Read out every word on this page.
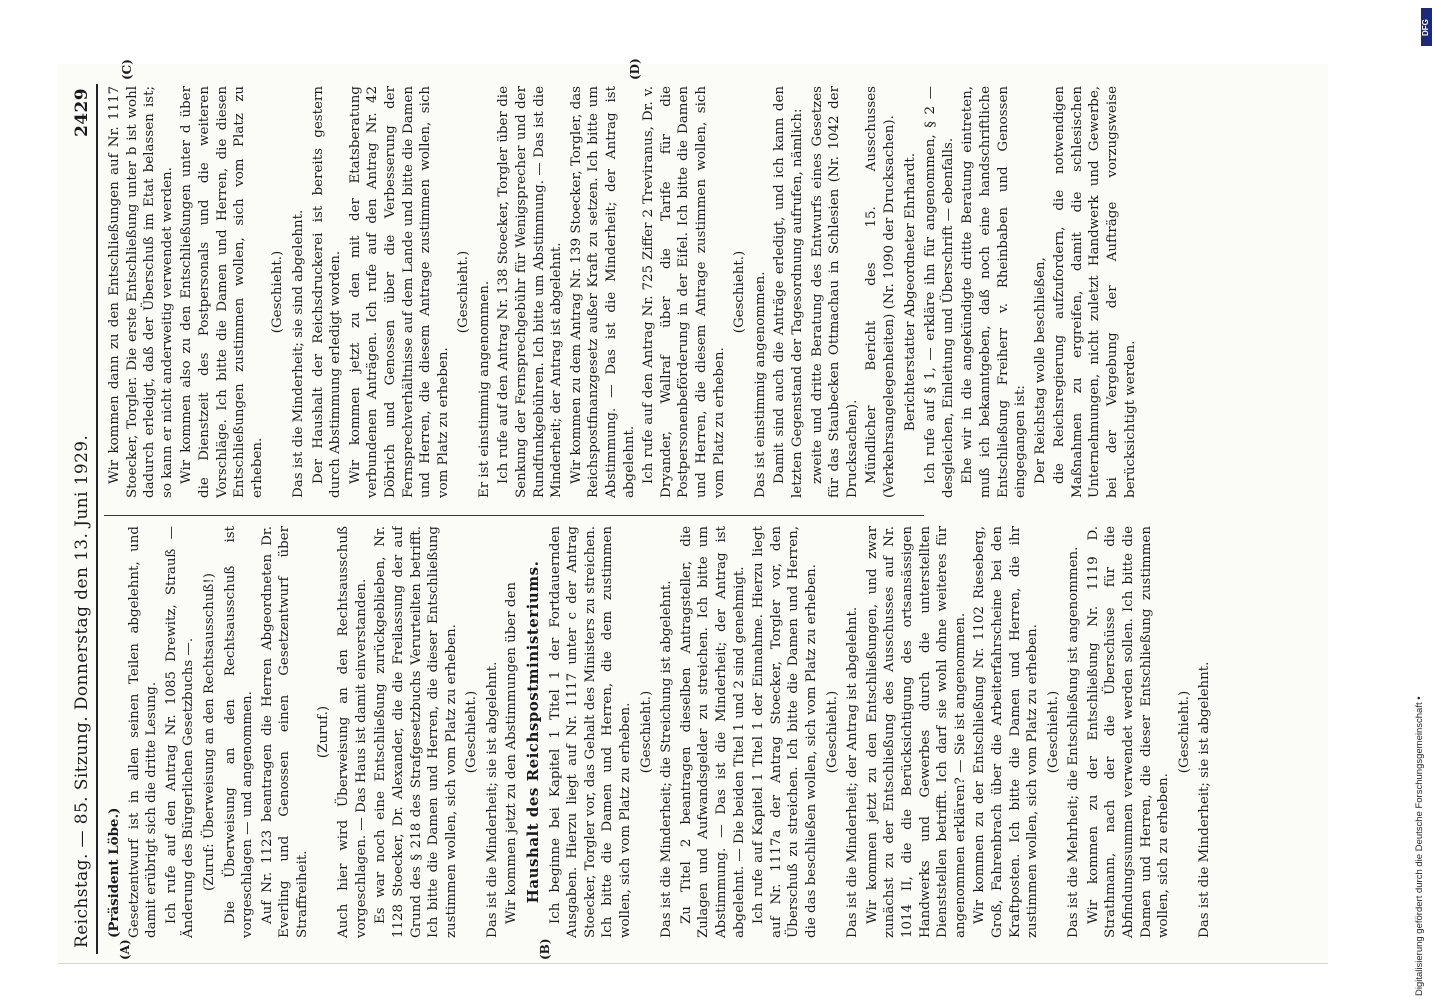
Reichstag. — 85. Sitzung. Donnerstag den 13. Juni 1929.
2429
(A)	(B)
(C)	(D)

(Präsident Löbe.) Gesetzentwurf ist in allen seinen Teilen abgelehnt, und damit erübrigt sich die dritte Lesung. Ich rufe auf den Antrag Nr. 1085 Drewitz, Strauß — Änderung des Bürgerlichen Gesetzbuchs —. (Zuruf: Überweisung an den Rechtsausschuß!) Die Überweisung an den Rechtsausschuß ist vorgeschlagen — und angenommen. Auf Nr. 1123 beantragen die Herren Abgeordneten Dr. Everling und Genossen einen Gesetzentwurf über Straffreiheit.

(Zuruf.) Auch hier wird Überweisung an den Rechtsausschuß vorgeschlagen. — Das Haus ist damit einverstanden. Es war noch eine Entschließung zurückgeblieben, Nr. 1128 Stoecker, Dr. Alexander, die die Freilassung der auf Grund des § 218 des Strafgesetzbuchs Verurteilten betrifft. Ich bitte die Damen und Herren, die dieser Entschließung zustimmen wollen, sich vom Platz zu erheben. (Geschieht.) Das ist die Minderheit; sie ist abgelehnt. Wir kommen jetzt zu den Abstimmungen über den Haushalt des Reichspostministeriums. Ich beginne bei Kapitel 1 Titel 1 der Fortdauernden Ausgaben. Hierzu liegt auf Nr. 1117 unter c der Antrag Stoecker, Torgler vor, das Gehalt des Ministers zu streichen. Ich bitte die Damen und Herren, die dem zustimmen wollen, sich vom Platz zu erheben. (Geschieht.) Das ist die Minderheit; die Streichung ist abgelehnt. Zu Titel 2 beantragen dieselben Antragsteller, die Zulagen und Aufwandsgelder zu streichen. Ich bitte um Abstimmung. — Das ist die Minderheit; der Antrag ist abgelehnt. — Die beiden Titel 1 und 2 sind genehmigt. Ich rufe auf Kapitel 1 Titel 1 der Einnahme. Hierzu liegt auf Nr. 1117a der Antrag Stoecker, Torgler vor, den Überschuß zu streichen. Ich bitte die Damen und Herren, die das beschließen wollen, sich vom Platz zu erheben. (Geschieht.) Das ist die Minderheit; der Antrag ist abgelehnt. Wir kommen jetzt zu den Entschließungen, und zwar zunächst zu der Entschließung des Ausschusses auf Nr. 1014 II, die die Berücksichtigung des ortsansässigen Handwerks und Gewerbes durch die unterstellten Dienststellen betrifft. Ich darf sie wohl ohne weiteres für angenommen erklären? — Sie ist angenommen. Wir kommen zu der Entschließung Nr. 1102 Rieseberg, Groß, Fahrenbrach über die Arbeiterfahrscheine bei den Kraftposten. Ich bitte die Damen und Herren, die ihr zustimmen wollen, sich vom Platz zu erheben. (Geschieht.) Das ist die Mehrheit; die Entschließung ist angenommen. Wir kommen zu der Entschließung Nr. 1119 D. Strathmann, nach der die Überschüsse für die Abfindungssummen verwendet werden sollen. Ich bitte die Damen und Herren, die dieser Entschließung zustimmen wollen, sich zu erheben.

(Geschieht.) Das ist die Minderheit; sie ist abgelehnt.

Wir kommen dann zu den Entschließungen auf Nr. 1117 Stoecker, Torgler. Die erste Entschließung unter b ist wohl dadurch erledigt, daß der Überschuß im Etat belassen ist; so kann er nicht anderweitig verwendet werden. Wir kommen also zu den Entschließungen unter d über die Dienstzeit des Postpersonals und die weiteren Vorschläge. Ich bitte die Damen und Herren, die diesen Entschließungen zustimmen wollen, sich vom Platz zu erheben.

(Geschieht.) Das ist die Minderheit; sie sind abgelehnt. Der Haushalt der Reichsdruckerei ist bereits gestern durch Abstimmung erledigt worden. Wir kommen jetzt zu den mit der Etatsberatung verbundenen Anträgen. Ich rufe auf den Antrag Nr. 42 Döbrich und Genossen über die Verbesserung der Fernsprechverhältnisse auf dem Lande und bitte die Damen und Herren, die diesem Antrage zustimmen wollen, sich vom Platz zu erheben.

(Geschieht.) Er ist einstimmig angenommen. Ich rufe auf den Antrag Nr. 138 Stoecker, Torgler über die Senkung der Fernsprechgebühr für Wenigsprecher und der Rundfunkgebühren. Ich bitte um Abstimmung. — Das ist die Minderheit; der Antrag ist abgelehnt. Wir kommen zu dem Antrag Nr. 139 Stoecker, Torgler, das Reichspostfinanzgesetz außer Kraft zu setzen. Ich bitte um Abstimmung. — Das ist die Minderheit; der Antrag ist abgelehnt. Ich rufe auf den Antrag Nr. 725 Ziffer 2 Treviranus, Dr. v. Dryander, Wallraf über die Tarife für die Postpersonenbeförderung in der Eifel. Ich bitte die Damen und Herren, die diesem Antrage zustimmen wollen, sich vom Platz zu erheben.

(Geschieht.) Das ist einstimmig angenommen. Damit sind auch die Anträge erledigt, und ich kann den letzten Gegenstand der Tagesordnung aufrufen, nämlich: zweite und dritte Beratung des Entwurfs eines Gesetzes für das Staubecken Ottmachau in Schlesien (Nr. 1042 der Drucksachen). Mündlicher Bericht des 15. Ausschusses (Verkehrsangelegenheiten) (Nr. 1090 der Drucksachen). Berichterstatter Abgeordneter Ehrhardt. Ich rufe auf § 1, — erkläre ihn für angenommen, § 2 — desgleichen, Einleitung und Überschrift — ebenfalls. Ehe wir in die angekündigte dritte Beratung eintreten, muß ich bekanntgeben, daß noch eine handschriftliche Entschließung Freiherr v. Rheinbaben und Genossen eingegangen ist: Der Reichstag wolle beschließen, die Reichsregierung aufzufordern, die notwendigen Maßnahmen zu ergreifen, damit die schlesischen Unternehmungen, nicht zuletzt Handwerk und Gewerbe, bei der Vergebung der Aufträge vorzugsweise berücksichtigt werden.

Digitalisierung gefördert durch die Deutsche Forschungsgemeinschaft •
DFG
